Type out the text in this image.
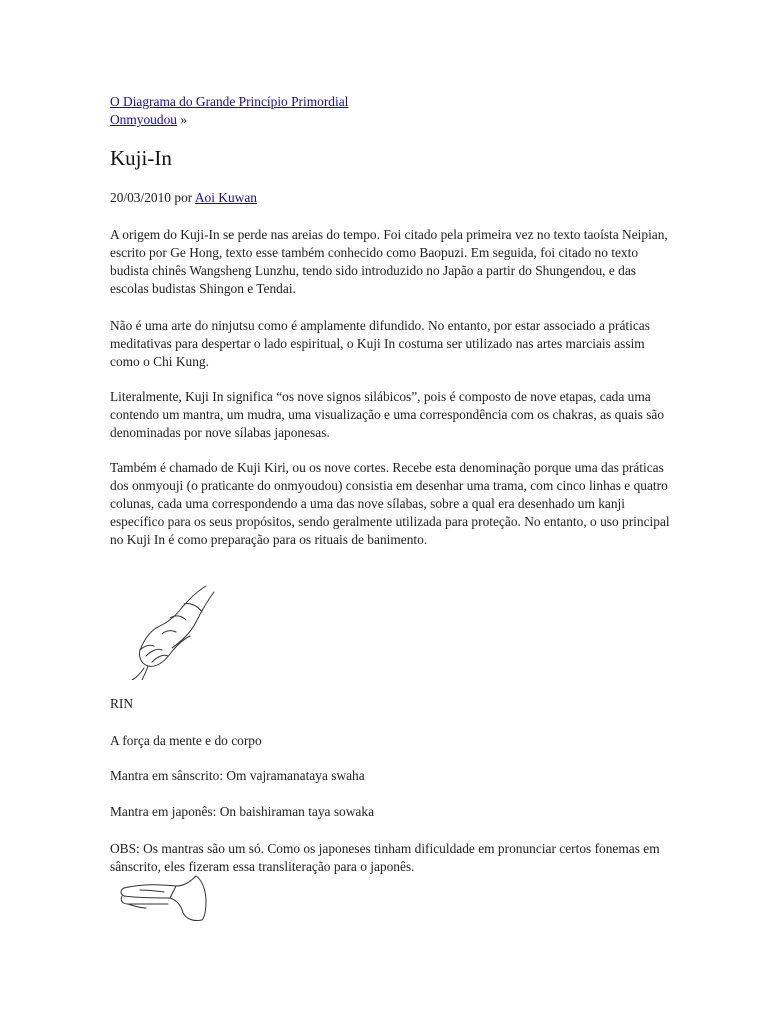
O Diagrama do Grande Princípio Primordial
Onmyoudou »
Kuji-In
20/03/2010 por Aoi Kuwan

A origem do Kuji-In se perde nas areias do tempo. Foi citado pela primeira vez no texto taoísta Neipian, escrito por Ge Hong, texto esse também conhecido como Baopuzi. Em seguida, foi citado no texto budista chinês Wangsheng Lunzhu, tendo sido introduzido no Japão a partir do Shungendou, e das escolas budistas Shingon e Tendai.

Não é uma arte do ninjutsu como é amplamente difundido. No entanto, por estar associado a práticas meditativas para despertar o lado espiritual, o Kuji In costuma ser utilizado nas artes marciais assim como o Chi Kung.

Literalmente, Kuji In significa “os nove signos silábicos”, pois é composto de nove etapas, cada uma contendo um mantra, um mudra, uma visualização e uma correspondência com os chakras, as quais são denominadas por nove sílabas japonesas.

Também é chamado de Kuji Kiri, ou os nove cortes. Recebe esta denominação porque uma das práticas dos onmyouji (o praticante do onmyoudou) consistia em desenhar uma trama, com cinco linhas e quatro colunas, cada uma correspondendo a uma das nove sílabas, sobre a qual era desenhado um kanji específico para os seus propósitos, sendo geralmente utilizada para proteção. No entanto, o uso principal no Kuji In é como preparação para os rituais de banimento.

RIN

A força da mente e do corpo

Mantra em sânscrito: Om vajramanataya swaha

Mantra em japonês: On baishiraman taya sowaka

OBS: Os mantras são um só. Como os japoneses tinham dificuldade em pronunciar certos fonemas em sânscrito, eles fizeram essa transliteração para o japonês.
